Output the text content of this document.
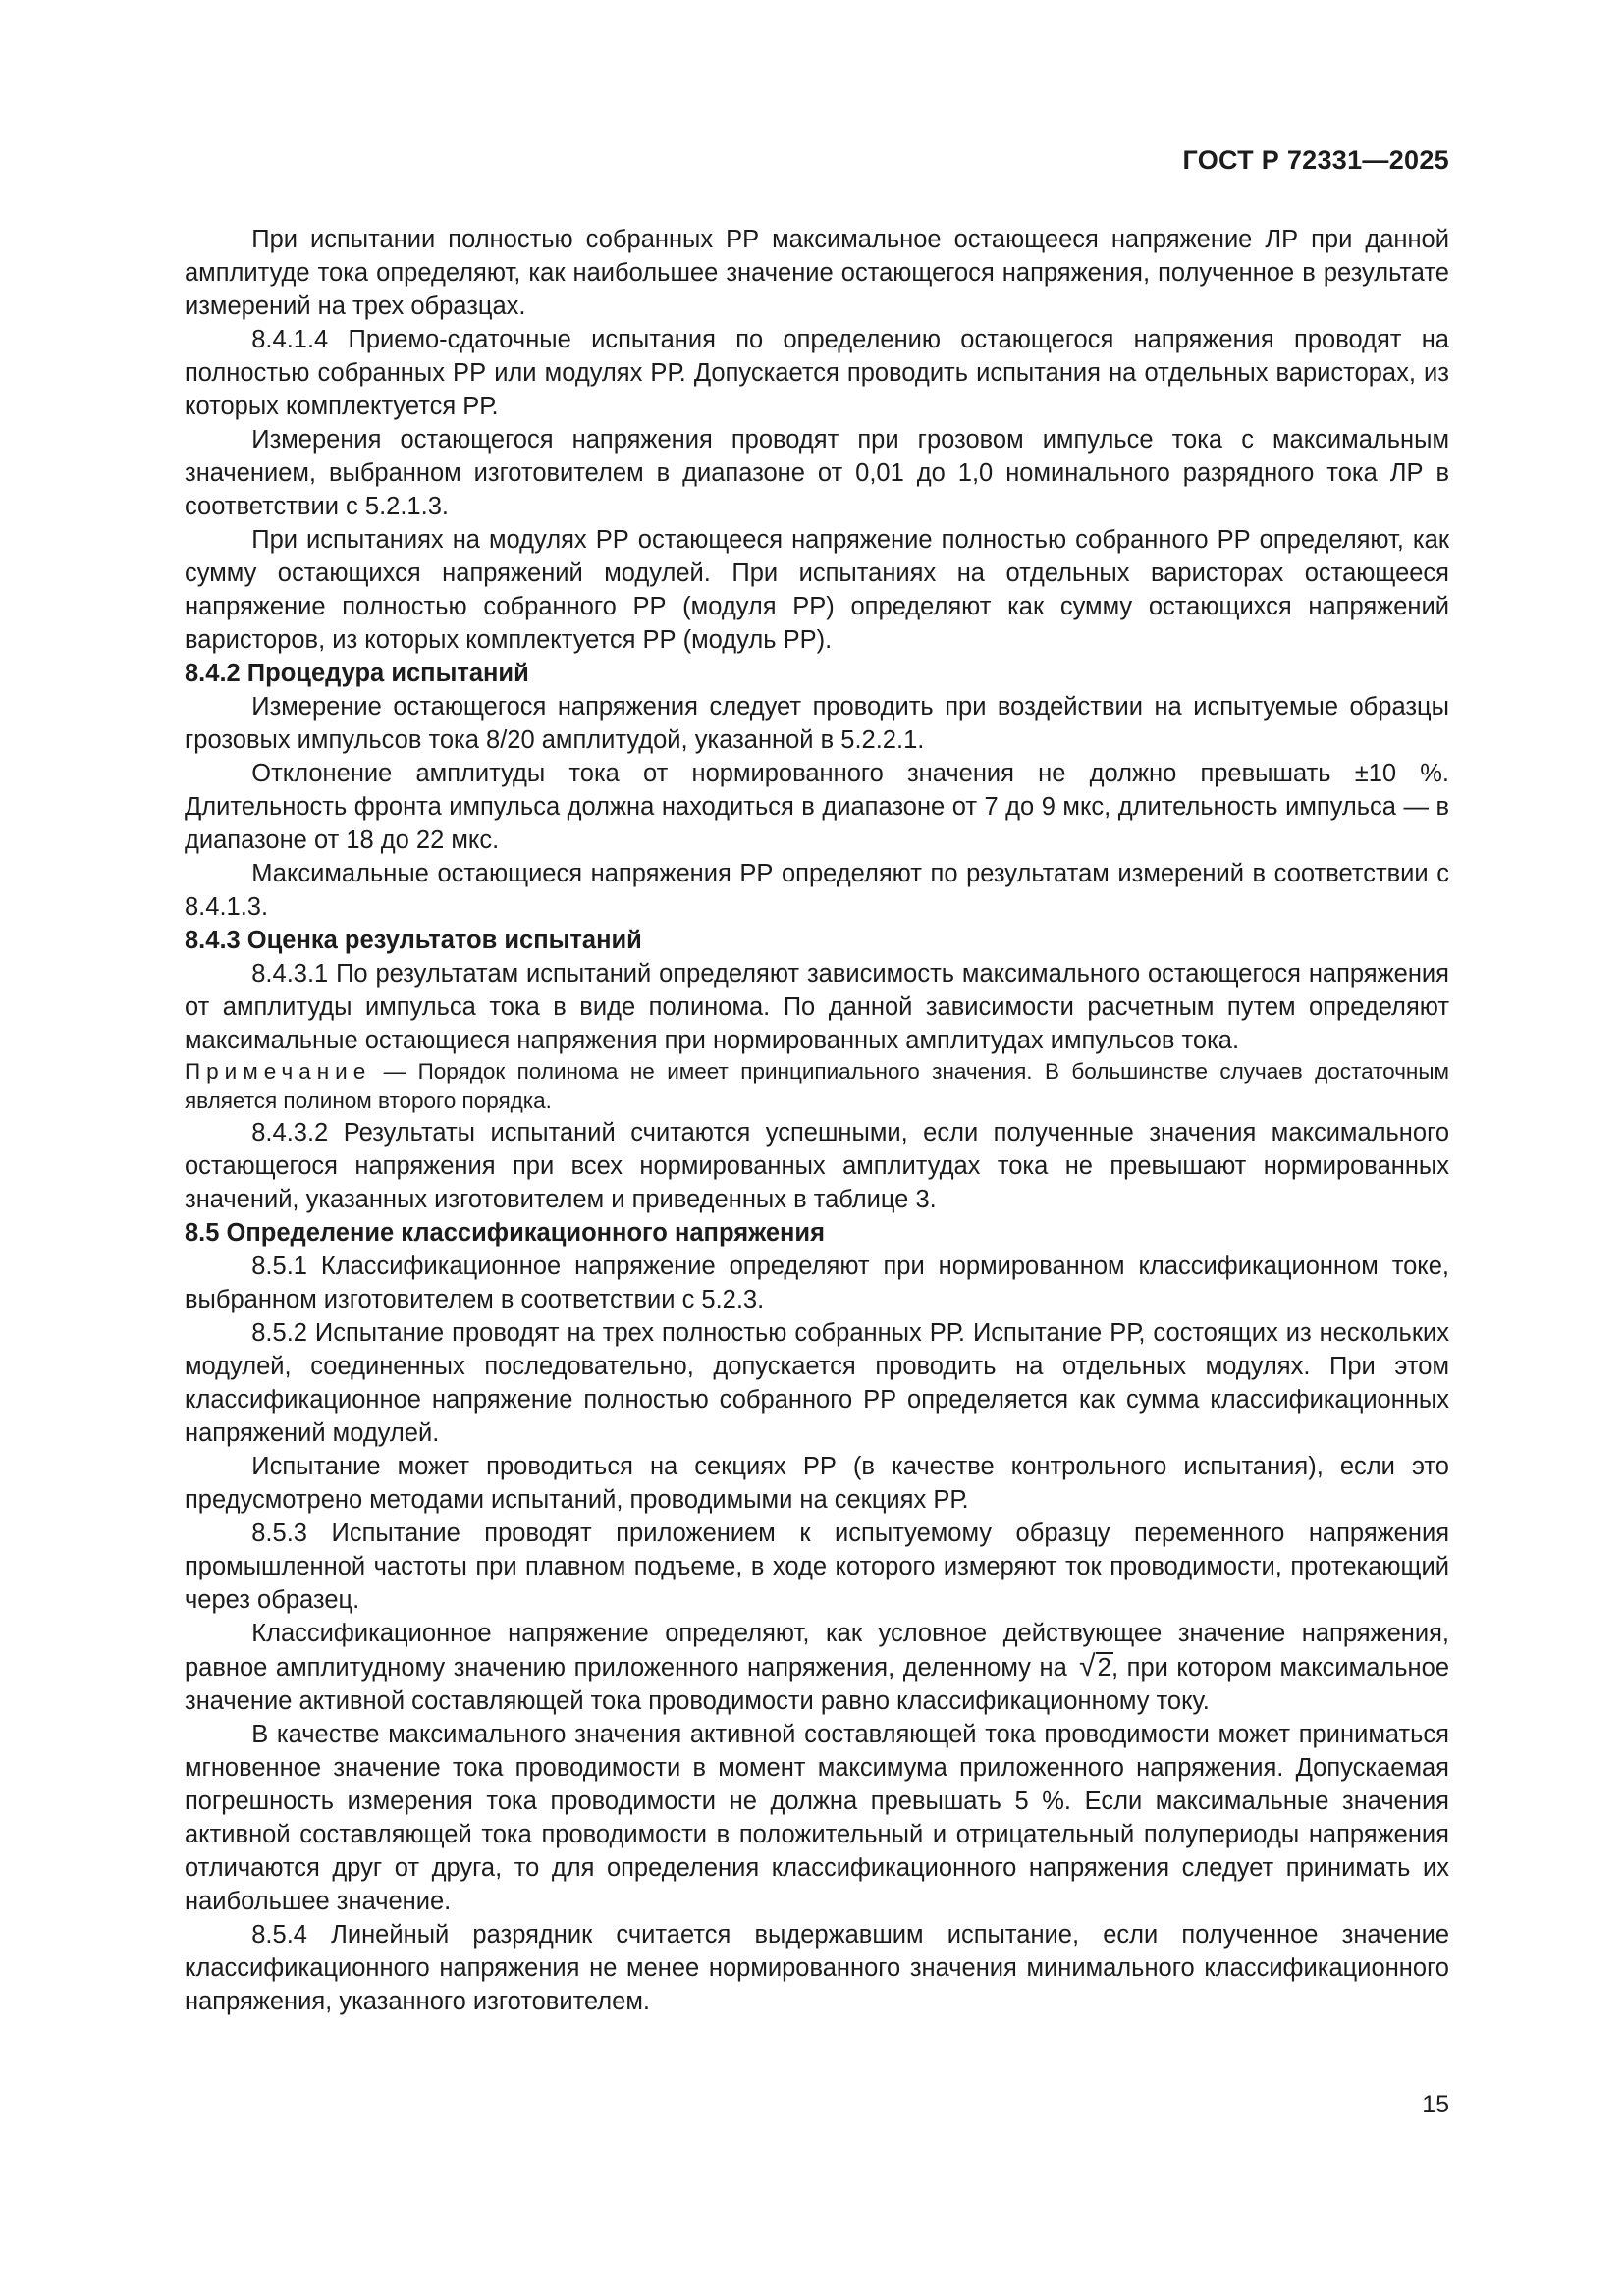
ГОСТ Р 72331—2025

При испытании полностью собранных РР максимальное остающееся напряжение ЛР при данной амплитуде тока определяют, как наибольшее значение остающегося напряжения, полученное в результате измерений на трех образцах.

8.4.1.4 Приемо-сдаточные испытания по определению остающегося напряжения проводят на полностью собранных РР или модулях РР. Допускается проводить испытания на отдельных варисторах, из которых комплектуется РР.

Измерения остающегося напряжения проводят при грозовом импульсе тока с максимальным значением, выбранном изготовителем в диапазоне от 0,01 до 1,0 номинального разрядного тока ЛР в соответствии с 5.2.1.3.

При испытаниях на модулях РР остающееся напряжение полностью собранного РР определяют, как сумму остающихся напряжений модулей. При испытаниях на отдельных варисторах остающееся напряжение полностью собранного РР (модуля РР) определяют как сумму остающихся напряжений варисторов, из которых комплектуется РР (модуль РР).

8.4.2 Процедура испытаний

Измерение остающегося напряжения следует проводить при воздействии на испытуемые образцы грозовых импульсов тока 8/20 амплитудой, указанной в 5.2.2.1.

Отклонение амплитуды тока от нормированного значения не должно превышать ±10 %. Длительность фронта импульса должна находиться в диапазоне от 7 до 9 мкс, длительность импульса — в диапазоне от 18 до 22 мкс.

Максимальные остающиеся напряжения РР определяют по результатам измерений в соответствии с 8.4.1.3.

8.4.3 Оценка результатов испытаний

8.4.3.1 По результатам испытаний определяют зависимость максимального остающегося напряжения от амплитуды импульса тока в виде полинома. По данной зависимости расчетным путем определяют максимальные остающиеся напряжения при нормированных амплитудах импульсов тока.

Примечание — Порядок полинома не имеет принципиального значения. В большинстве случаев достаточным является полином второго порядка.

8.4.3.2 Результаты испытаний считаются успешными, если полученные значения максимального остающегося напряжения при всех нормированных амплитудах тока не превышают нормированных значений, указанных изготовителем и приведенных в таблице 3.

8.5 Определение классификационного напряжения

8.5.1 Классификационное напряжение определяют при нормированном классификационном токе, выбранном изготовителем в соответствии с 5.2.3.

8.5.2 Испытание проводят на трех полностью собранных РР. Испытание РР, состоящих из нескольких модулей, соединенных последовательно, допускается проводить на отдельных модулях. При этом классификационное напряжение полностью собранного РР определяется как сумма классификационных напряжений модулей.

Испытание может проводиться на секциях РР (в качестве контрольного испытания), если это предусмотрено методами испытаний, проводимыми на секциях РР.

8.5.3 Испытание проводят приложением к испытуемому образцу переменного напряжения промышленной частоты при плавном подъеме, в ходе которого измеряют ток проводимости, протекающий через образец.

Классификационное напряжение определяют, как условное действующее значение напряжения, равное амплитудному значению приложенного напряжения, деленному на √2, при котором максимальное значение активной составляющей тока проводимости равно классификационному току.

В качестве максимального значения активной составляющей тока проводимости может приниматься мгновенное значение тока проводимости в момент максимума приложенного напряжения. Допускаемая погрешность измерения тока проводимости не должна превышать 5 %. Если максимальные значения активной составляющей тока проводимости в положительный и отрицательный полупериоды напряжения отличаются друг от друга, то для определения классификационного напряжения следует принимать их наибольшее значение.

8.5.4 Линейный разрядник считается выдержавшим испытание, если полученное значение классификационного напряжения не менее нормированного значения минимального классификационного напряжения, указанного изготовителем.

15
